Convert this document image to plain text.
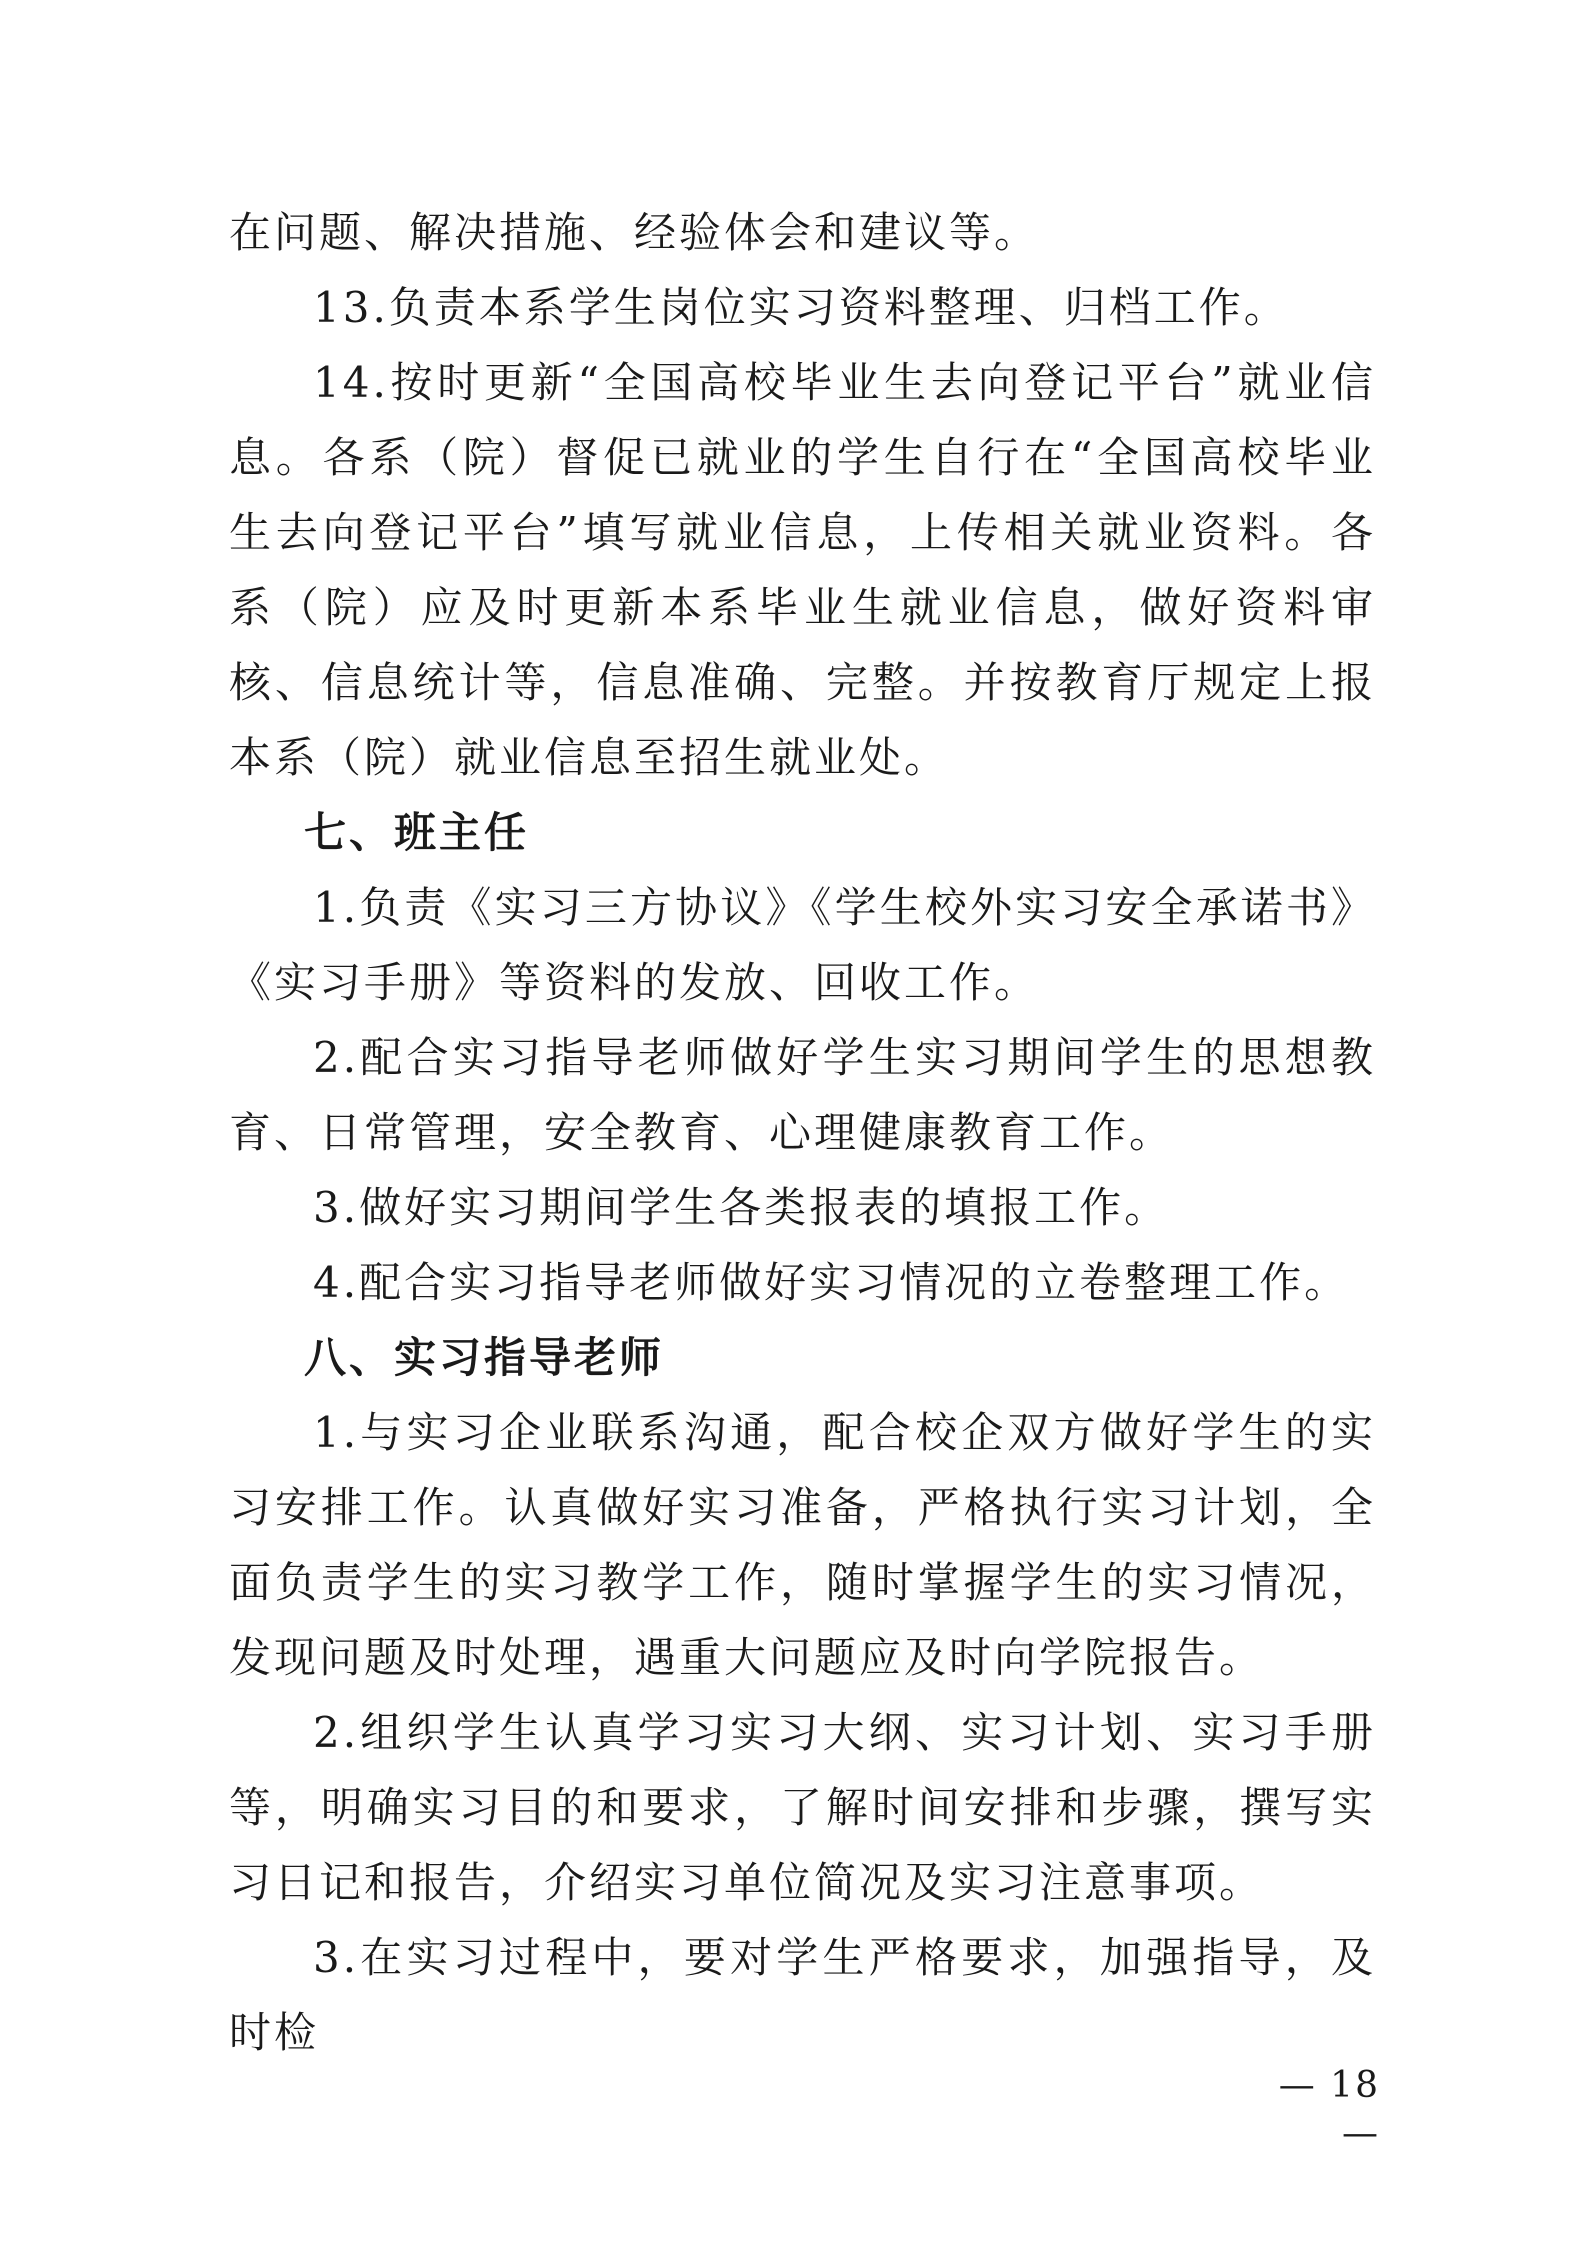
在问题、解决措施、经验体会和建议等。

13.负责本系学生岗位实习资料整理、归档工作。

14.按时更新“全国高校毕业生去向登记平台”就业信息。各系（院）督促已就业的学生自行在“全国高校毕业生去向登记平台”填写就业信息，上传相关就业资料。各系（院）应及时更新本系毕业生就业信息，做好资料审核、信息统计等，信息准确、完整。并按教育厅规定上报本系（院）就业信息至招生就业处。

七、班主任

1.负责《实习三方协议》《学生校外实习安全承诺书》《实习手册》等资料的发放、回收工作。

2.配合实习指导老师做好学生实习期间学生的思想教育、日常管理，安全教育、心理健康教育工作。

3.做好实习期间学生各类报表的填报工作。

4.配合实习指导老师做好实习情况的立卷整理工作。

八、实习指导老师

1.与实习企业联系沟通，配合校企双方做好学生的实习安排工作。认真做好实习准备，严格执行实习计划，全面负责学生的实习教学工作，随时掌握学生的实习情况，发现问题及时处理，遇重大问题应及时向学院报告。

2.组织学生认真学习实习大纲、实习计划、实习手册等，明确实习目的和要求，了解时间安排和步骤，撰写实习日记和报告，介绍实习单位简况及实习注意事项。

3.在实习过程中，要对学生严格要求，加强指导，及时检

— 18 —
